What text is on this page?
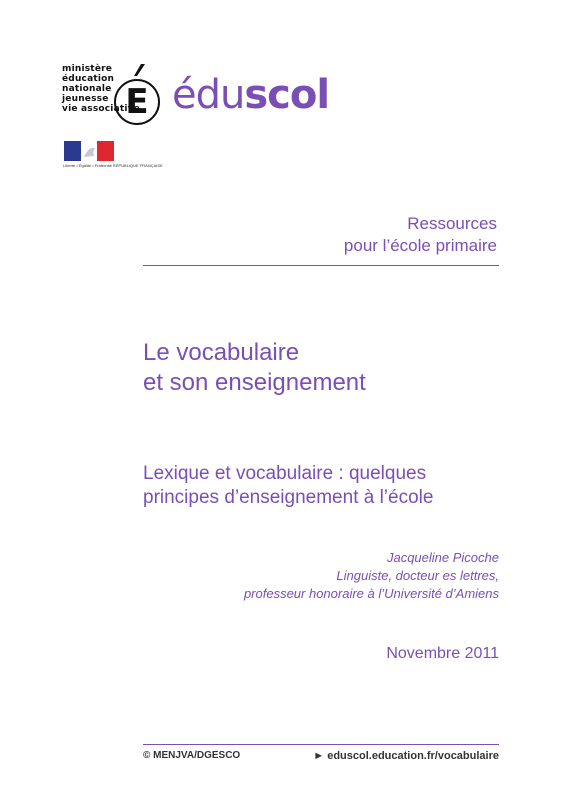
ministère
éducation
nationale
jeunesse
vie associative
E éduscol
Liberté • Égalité • Fraternité RÉPUBLIQUE FRANÇAISE
Ressources
pour l’école primaire
Le vocabulaire
et son enseignement
Lexique et vocabulaire : quelques
principes d’enseignement à l’école
Jacqueline Picoche
Linguiste, docteur es lettres,
professeur honoraire à l’Université d’Amiens
Novembre 2011
© MENJVA/DGESCO	► eduscol.education.fr/vocabulaire
